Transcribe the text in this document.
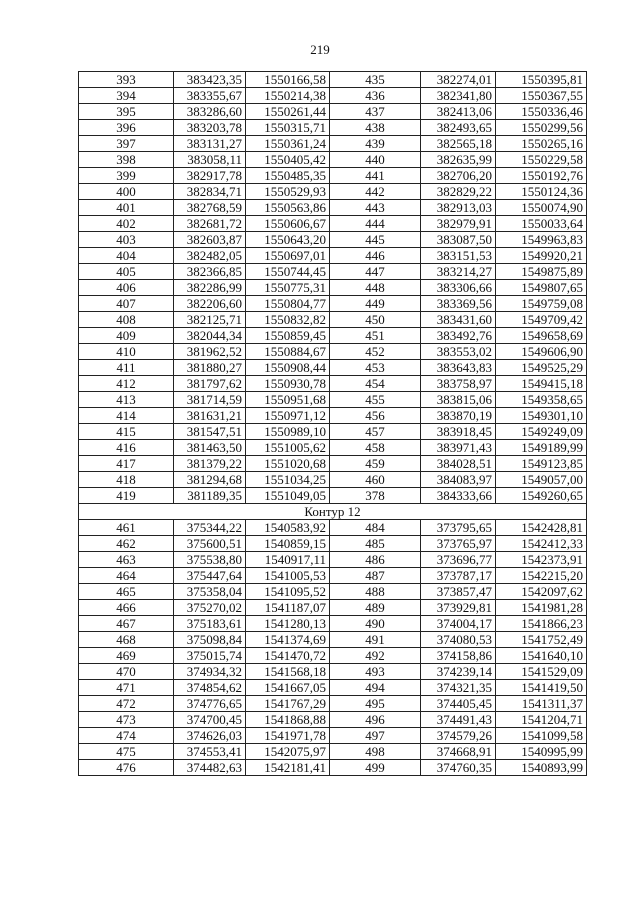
219
393	383423,35	1550166,58	435	382274,01	1550395,81
394	383355,67	1550214,38	436	382341,80	1550367,55
395	383286,60	1550261,44	437	382413,06	1550336,46
396	383203,78	1550315,71	438	382493,65	1550299,56
397	383131,27	1550361,24	439	382565,18	1550265,16
398	383058,11	1550405,42	440	382635,99	1550229,58
399	382917,78	1550485,35	441	382706,20	1550192,76
400	382834,71	1550529,93	442	382829,22	1550124,36
401	382768,59	1550563,86	443	382913,03	1550074,90
402	382681,72	1550606,67	444	382979,91	1550033,64
403	382603,87	1550643,20	445	383087,50	1549963,83
404	382482,05	1550697,01	446	383151,53	1549920,21
405	382366,85	1550744,45	447	383214,27	1549875,89
406	382286,99	1550775,31	448	383306,66	1549807,65
407	382206,60	1550804,77	449	383369,56	1549759,08
408	382125,71	1550832,82	450	383431,60	1549709,42
409	382044,34	1550859,45	451	383492,76	1549658,69
410	381962,52	1550884,67	452	383553,02	1549606,90
411	381880,27	1550908,44	453	383643,83	1549525,29
412	381797,62	1550930,78	454	383758,97	1549415,18
413	381714,59	1550951,68	455	383815,06	1549358,65
414	381631,21	1550971,12	456	383870,19	1549301,10
415	381547,51	1550989,10	457	383918,45	1549249,09
416	381463,50	1551005,62	458	383971,43	1549189,99
417	381379,22	1551020,68	459	384028,51	1549123,85
418	381294,68	1551034,25	460	384083,97	1549057,00
419	381189,35	1551049,05	378	384333,66	1549260,65
Контур 12					
461	375344,22	1540583,92	484	373795,65	1542428,81
462	375600,51	1540859,15	485	373765,97	1542412,33
463	375538,80	1540917,11	486	373696,77	1542373,91
464	375447,64	1541005,53	487	373787,17	1542215,20
465	375358,04	1541095,52	488	373857,47	1542097,62
466	375270,02	1541187,07	489	373929,81	1541981,28
467	375183,61	1541280,13	490	374004,17	1541866,23
468	375098,84	1541374,69	491	374080,53	1541752,49
469	375015,74	1541470,72	492	374158,86	1541640,10
470	374934,32	1541568,18	493	374239,14	1541529,09
471	374854,62	1541667,05	494	374321,35	1541419,50
472	374776,65	1541767,29	495	374405,45	1541311,37
473	374700,45	1541868,88	496	374491,43	1541204,71
474	374626,03	1541971,78	497	374579,26	1541099,58
475	374553,41	1542075,97	498	374668,91	1540995,99
476	374482,63	1542181,41	499	374760,35	1540893,99
